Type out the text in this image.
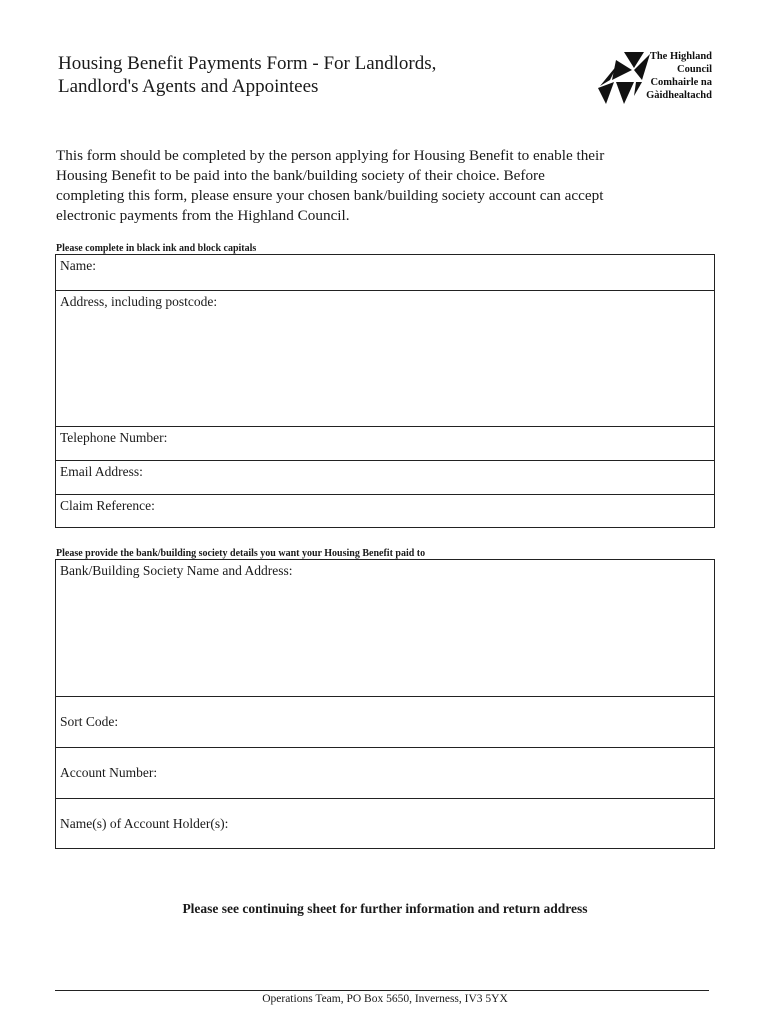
Housing Benefit Payments Form - For Landlords,
Landlord's Agents and Appointees
The Highland
Council
Comhairle na
Gàidhealtachd

This form should be completed by the person applying for Housing Benefit to enable their
Housing Benefit to be paid into the bank/building society of their choice. Before
completing this form, please ensure your chosen bank/building society account can accept
electronic payments from the Highland Council.

Please complete in black ink and block capitals
Name:
Address, including postcode:
Telephone Number:
Email Address:
Claim Reference:
Please provide the bank/building society details you want your Housing Benefit paid to
Bank/Building Society Name and Address:
Sort Code:
Account Number:
Name(s) of Account Holder(s):
Please see continuing sheet for further information and return address
Operations Team, PO Box 5650, Inverness, IV3 5YX
